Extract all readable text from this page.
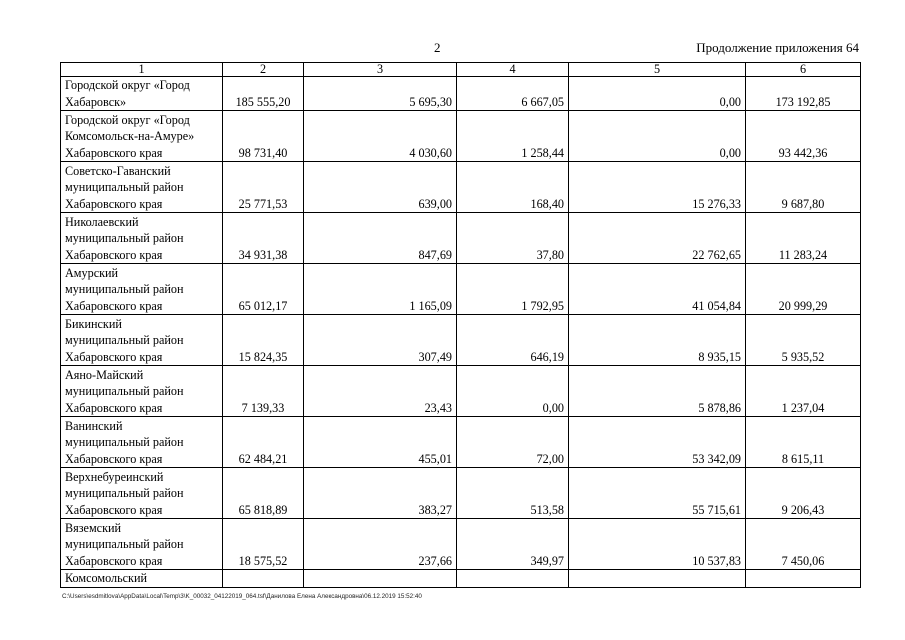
2	Продолжение приложения 64
1	2	3	4	5	6

Городской округ «Город
Хабаровск»	185 555,20	5 695,30	6 667,05	0,00	173 192,85

Городской округ «Город
Комсомольск-на-Амуре»
Хабаровского края	98 731,40	4 030,60	1 258,44	0,00	93 442,36

Советско-Гаванский
муниципальный район
Хабаровского края	25 771,53	639,00	168,40	15 276,33	9 687,80

Николаевский
муниципальный район
Хабаровского края	34 931,38	847,69	37,80	22 762,65	11 283,24

Амурский
муниципальный район
Хабаровского края	65 012,17	1 165,09	1 792,95	41 054,84	20 999,29

Бикинский
муниципальный район
Хабаровского края	15 824,35	307,49	646,19	8 935,15	5 935,52

Аяно-Майский
муниципальный район
Хабаровского края	7 139,33	23,43	0,00	5 878,86	1 237,04

Ванинский
муниципальный район
Хабаровского края	62 484,21	455,01	72,00	53 342,09	8 615,11

Верхнебуреинский
муниципальный район
Хабаровского края	65 818,89	383,27	513,58	55 715,61	9 206,43

Вяземский
муниципальный район
Хабаровского края	18 575,52	237,66	349,97	10 537,83	7 450,06
Комсомольский					
C:\Users\esdmitlova\AppData\Local\Temp\3\K_00032_04122019_064.tsf\Данилова Елена Александровна\06.12.2019 15:52:40
